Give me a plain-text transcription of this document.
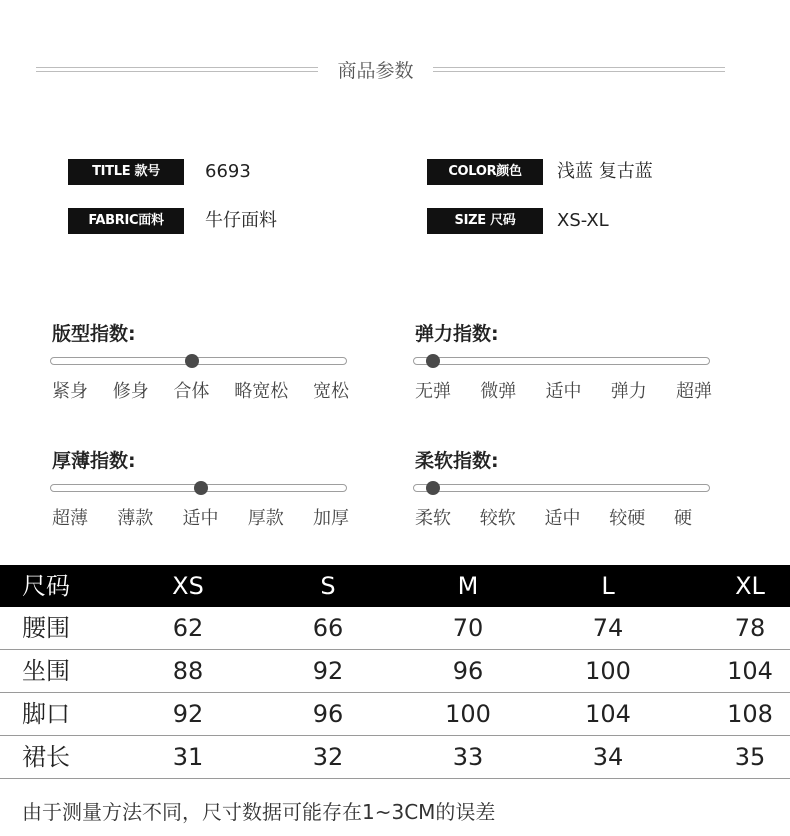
商品参数
TITLE 款号	6693	COLOR颜色	浅蓝 复古蓝
FABRIC面料	牛仔面料	SIZE 尺码	XS-XL
版型指数:
紧身 修身 合体 略宽松 宽松
弹力指数:
无弹 微弹 适中 弹力 超弹
厚薄指数:
超薄 薄款 适中 厚款 加厚
柔软指数:
柔软 较软 适中 较硬 硬
尺码	XS	S	M	L	XL
腰围	62	66	70	74	78
坐围	88	92	96	100	104
脚口	92	96	100	104	108
裙长	31	32	33	34	35
由于测量方法不同，尺寸数据可能存在1~3CM的误差
